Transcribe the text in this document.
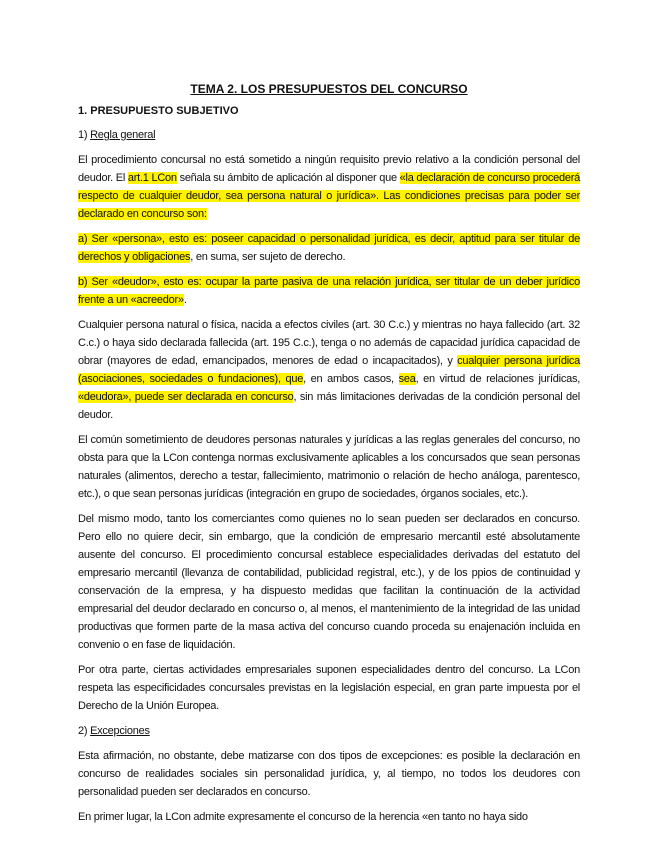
TEMA 2. LOS PRESUPUESTOS DEL CONCURSO
1. PRESUPUESTO SUBJETIVO
1) Regla general

El procedimiento concursal no está sometido a ningún requisito previo relativo a la condición personal del deudor. El art.1 LCon señala su ámbito de aplicación al disponer que «la declaración de concurso procederá respecto de cualquier deudor, sea persona natural o jurídica». Las condiciones precisas para poder ser declarado en concurso son:

a) Ser «persona», esto es: poseer capacidad o personalidad jurídica, es decir, aptitud para ser titular de derechos y obligaciones, en suma, ser sujeto de derecho.

b) Ser «deudor», esto es: ocupar la parte pasiva de una relación jurídica, ser titular de un deber jurídico frente a un «acreedor».

Cualquier persona natural o física, nacida a efectos civiles (art. 30 C.c.) y mientras no haya fallecido (art. 32 C.c.) o haya sido declarada fallecida (art. 195 C.c.), tenga o no además de capacidad jurídica capacidad de obrar (mayores de edad, emancipados, menores de edad o incapacitados), y cualquier persona jurídica (asociaciones, sociedades o fundaciones), que, en ambos casos, sea, en virtud de relaciones jurídicas, «deudora», puede ser declarada en concurso, sin más limitaciones derivadas de la condición personal del deudor.

El común sometimiento de deudores personas naturales y jurídicas a las reglas generales del concurso, no obsta para que la LCon contenga normas exclusivamente aplicables a los concursados que sean personas naturales (alimentos, derecho a testar, fallecimiento, matrimonio o relación de hecho análoga, parentesco, etc.), o que sean personas jurídicas (integración en grupo de sociedades, órganos sociales, etc.).

Del mismo modo, tanto los comerciantes como quienes no lo sean pueden ser declarados en concurso. Pero ello no quiere decir, sin embargo, que la condición de empresario mercantil esté absolutamente ausente del concurso. El procedimiento concursal establece especialidades derivadas del estatuto del empresario mercantil (llevanza de contabilidad, publicidad registral, etc.), y de los ppios de continuidad y conservación de la empresa, y ha dispuesto medidas que facilitan la continuación de la actividad empresarial del deudor declarado en concurso o, al menos, el mantenimiento de la integridad de las unidad productivas que formen parte de la masa activa del concurso cuando proceda su enajenación incluida en convenio o en fase de liquidación.

Por otra parte, ciertas actividades empresariales suponen especialidades dentro del concurso. La LCon respeta las especificidades concursales previstas en la legislación especial, en gran parte impuesta por el Derecho de la Unión Europea.

2) Excepciones

Esta afirmación, no obstante, debe matizarse con dos tipos de excepciones: es posible la declaración en concurso de realidades sociales sin personalidad jurídica, y, al tiempo, no todos los deudores con personalidad pueden ser declarados en concurso.

En primer lugar, la LCon admite expresamente el concurso de la herencia «en tanto no haya sido
